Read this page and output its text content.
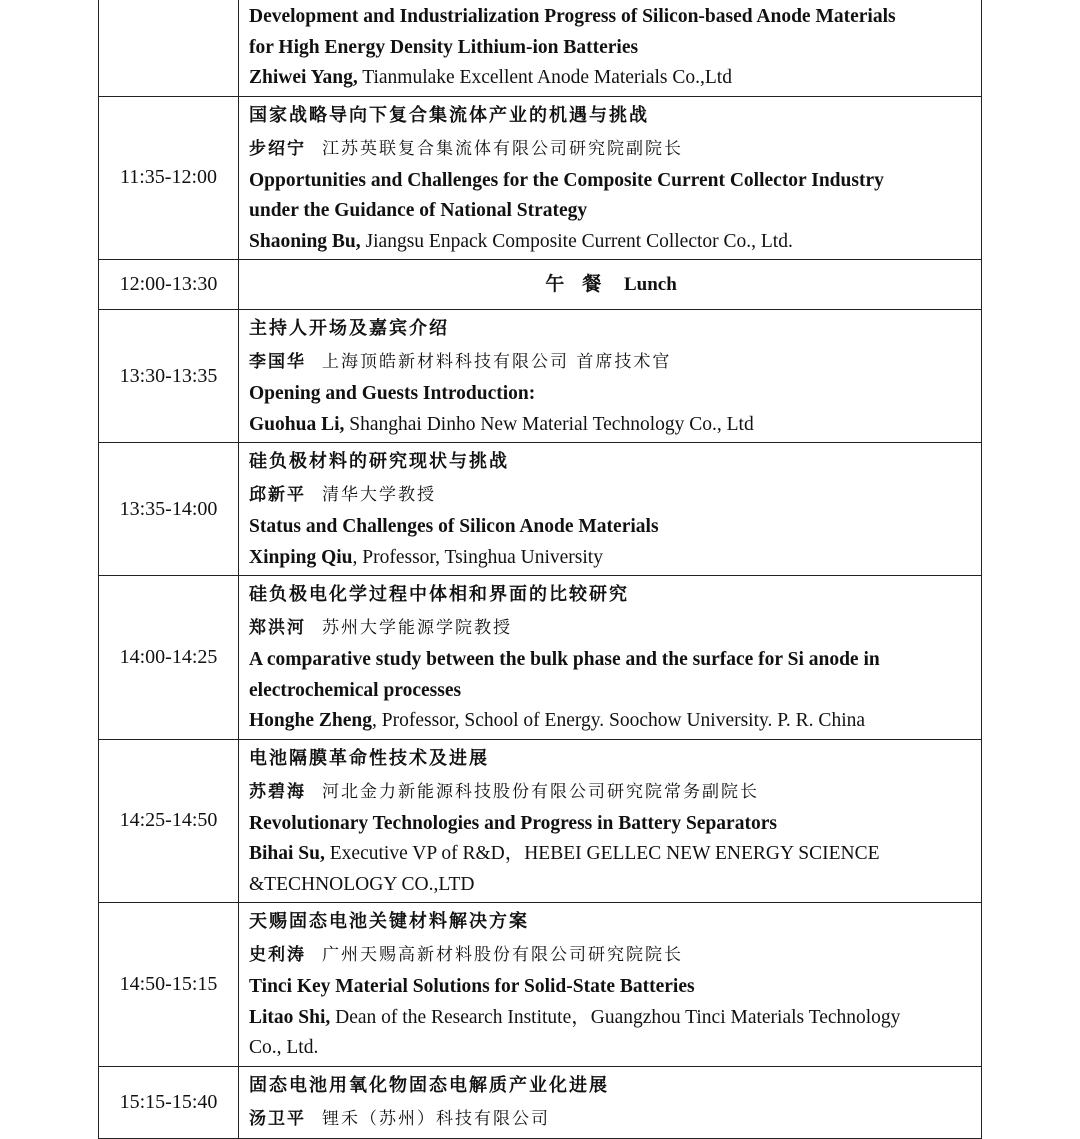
	Development and Industrialization Progress of Silicon-based Anode Materials
for High Energy Density Lithium-ion Batteries
Zhiwei Yang, Tianmulake Excellent Anode Materials Co.,Ltd

11:35-12:00	国家战略导向下复合集流体产业的机遇与挑战
步绍宁 江苏英联复合集流体有限公司研究院副院长
Opportunities and Challenges for the Composite Current Collector Industry
under the Guidance of National Strategy
Shaoning Bu, Jiangsu Enpack Composite Current Collector Co., Ltd.

12:00-13:30	午餐 Lunch

13:30-13:35	主持人开场及嘉宾介绍
李国华 上海顶皓新材料科技有限公司 首席技术官
Opening and Guests Introduction:
Guohua Li, Shanghai Dinho New Material Technology Co., Ltd

13:35-14:00	硅负极材料的研究现状与挑战
邱新平 清华大学教授
Status and Challenges of Silicon Anode Materials
Xinping Qiu, Professor, Tsinghua University

14:00-14:25	硅负极电化学过程中体相和界面的比较研究
郑洪河 苏州大学能源学院教授
A comparative study between the bulk phase and the surface for Si anode in
electrochemical processes
Honghe Zheng, Professor, School of Energy. Soochow University. P. R. China

14:25-14:50	电池隔膜革命性技术及进展
苏碧海 河北金力新能源科技股份有限公司研究院常务副院长
Revolutionary Technologies and Progress in Battery Separators
Bihai Su, Executive VP of R&D，HEBEI GELLEC NEW ENERGY SCIENCE
&TECHNOLOGY CO.,LTD

14:50-15:15	天赐固态电池关键材料解决方案
史利涛 广州天赐高新材料股份有限公司研究院院长
Tinci Key Material Solutions for Solid-State Batteries
Litao Shi, Dean of the Research Institute，Guangzhou Tinci Materials Technology
Co., Ltd.

15:15-15:40	固态电池用氧化物固态电解质产业化进展
汤卫平 锂禾（苏州）科技有限公司
